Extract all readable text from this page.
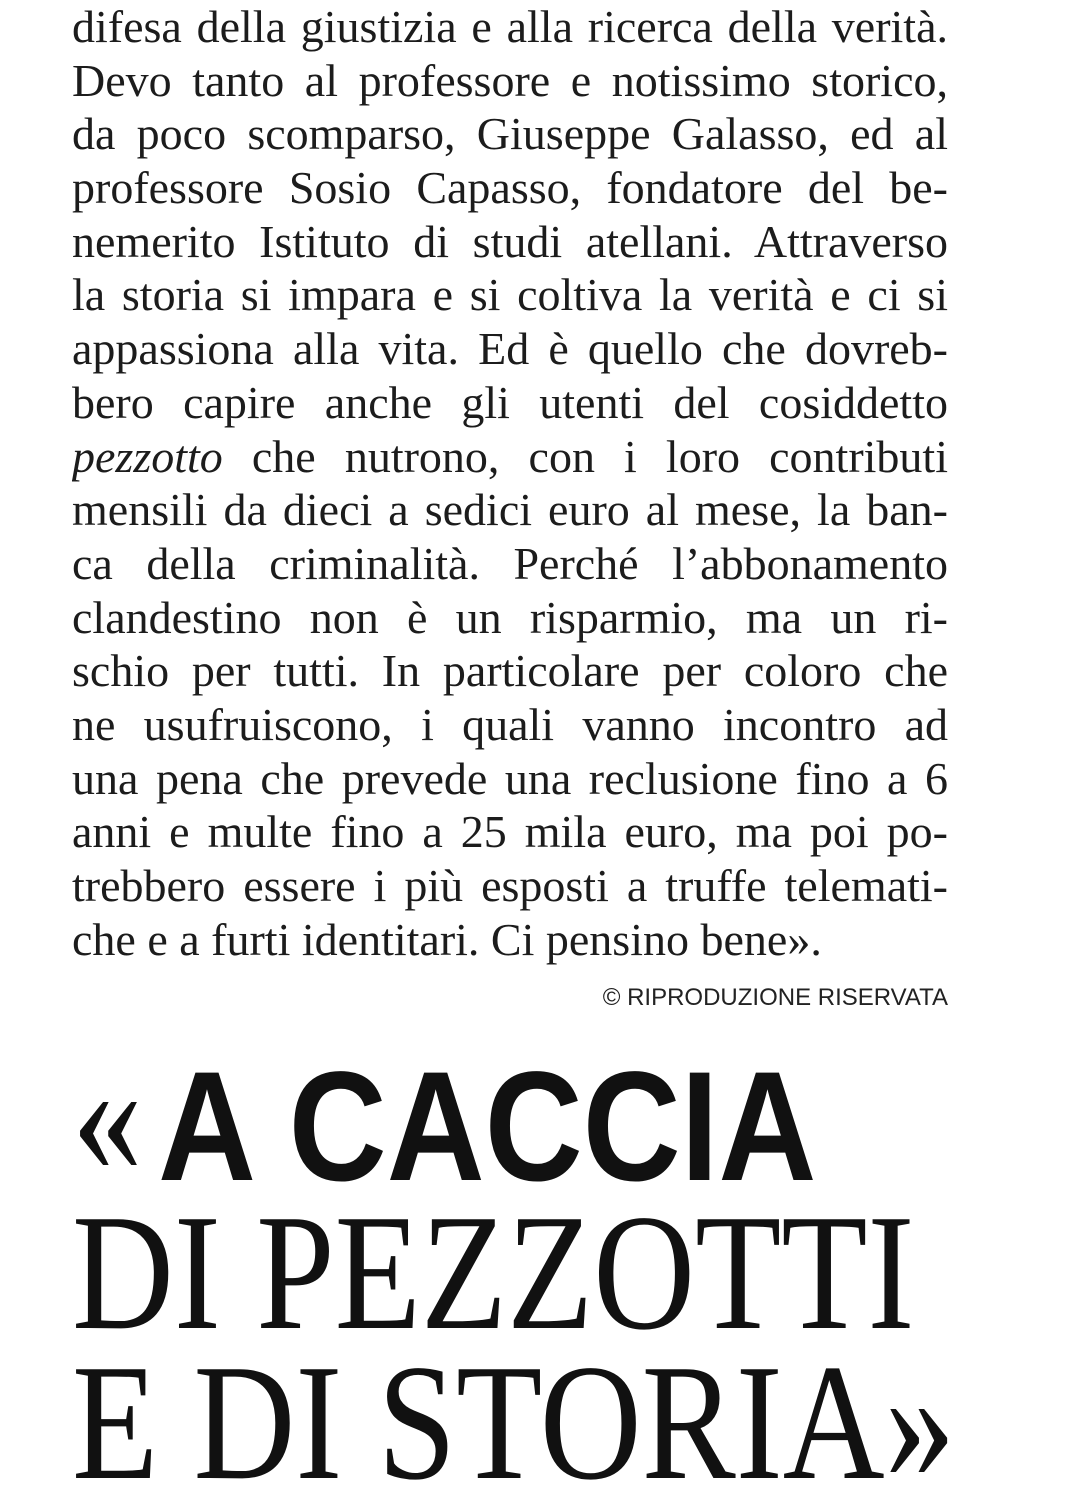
difesa della giustizia e alla ricerca della verità.
Devo tanto al professore e notissimo storico,
da poco scomparso, Giuseppe Galasso, ed al
professore Sosio Capasso, fondatore del be-
nemerito Istituto di studi atellani. Attraverso
la storia si impara e si coltiva la verità e ci si
appassiona alla vita. Ed è quello che dovreb-
bero capire anche gli utenti del cosiddetto
pezzotto che nutrono, con i loro contributi
mensili da dieci a sedici euro al mese, la ban-
ca della criminalità. Perché l’abbonamento
clandestino non è un risparmio, ma un ri-
schio per tutti. In particolare per coloro che
ne usufruiscono, i quali vanno incontro ad
una pena che prevede una reclusione fino a 6
anni e multe fino a 25 mila euro, ma poi po-
trebbero essere i più esposti a truffe telemati-
che e a furti identitari. Ci pensino bene».
© RIPRODUZIONE RISERVATA
« A CACCIA
DI PEZZOTTI
E DI STORIA»
